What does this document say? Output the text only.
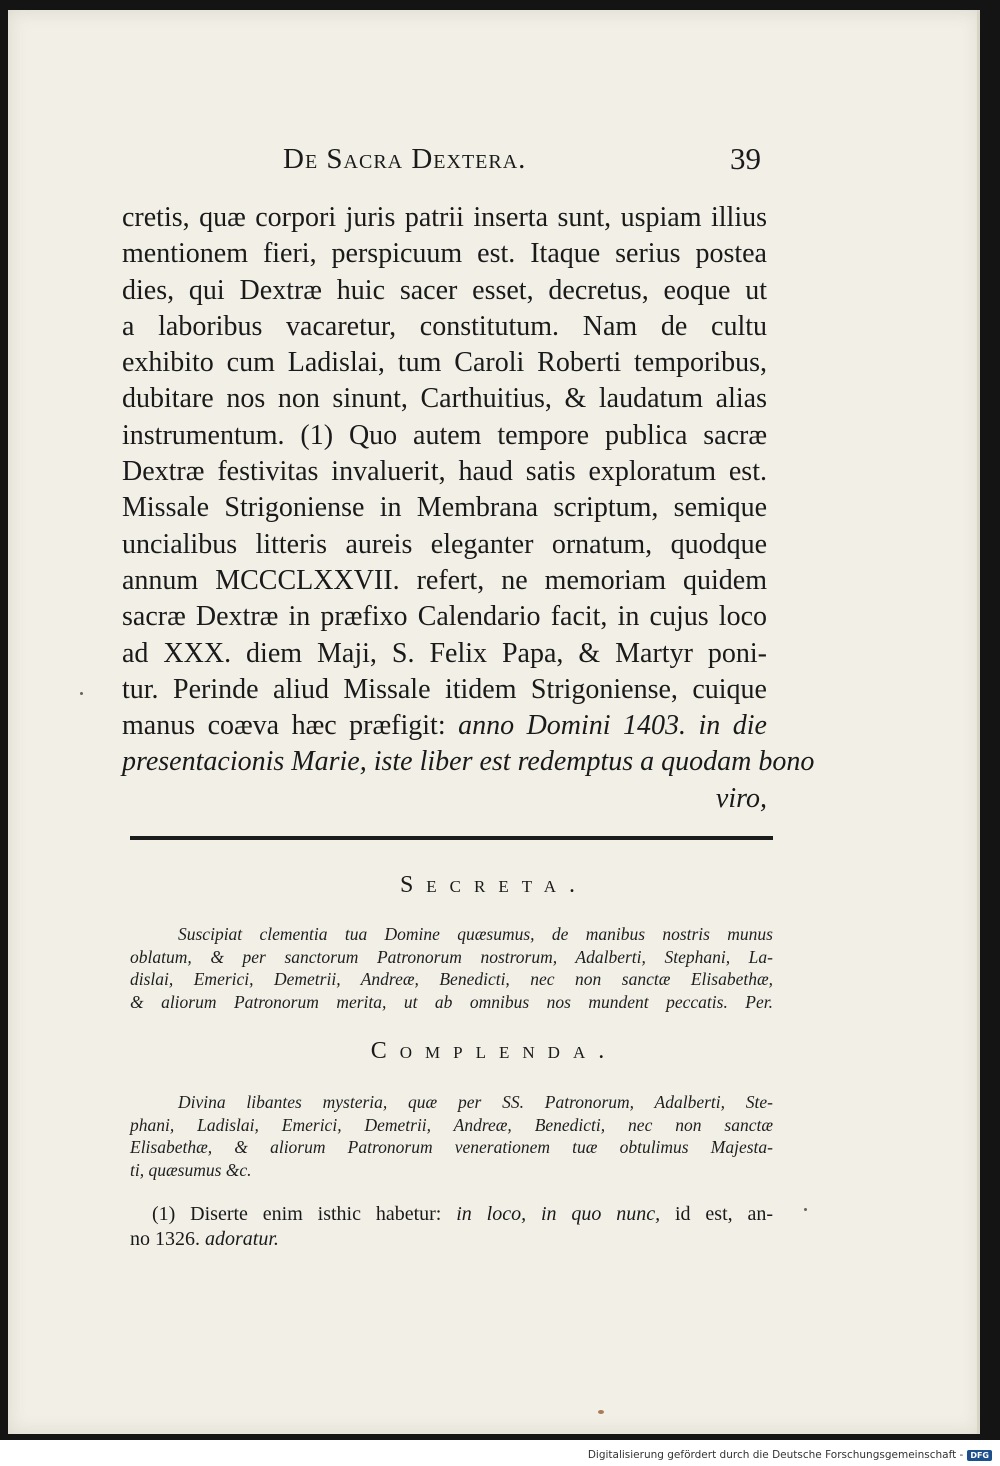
De Sacra Dextera.	39
cretis, quæ corpori juris patrii inserta sunt, uspiam illius
mentionem fieri, perspicuum est. Itaque serius postea
dies, qui Dextræ huic sacer esset, decretus, eoque ut
a laboribus vacaretur, constitutum. Nam de cultu
exhibito cum Ladislai, tum Caroli Roberti temporibus,
dubitare nos non sinunt, Carthuitius, & laudatum alias
instrumentum. (1) Quo autem tempore publica sacræ
Dextræ festivitas invaluerit, haud satis exploratum est.
Missale Strigoniense in Membrana scriptum, semique
uncialibus litteris aureis eleganter ornatum, quodque
annum MCCCLXXVII. refert, ne memoriam quidem
sacræ Dextræ in præfixo Calendario facit, in cujus loco
ad XXX. diem Maji, S. Felix Papa, & Martyr poni-
tur. Perinde aliud Missale itidem Strigoniense, cuique
manus coæva hæc præfigit: anno Domini 1403. in die
presentacionis Marie, iste liber est redemptus a quodam bono
viro,
Secreta.
Suscipiat clementia tua Domine quæsumus, de manibus nostris munus
oblatum, & per sanctorum Patronorum nostrorum, Adalberti, Stephani, La-
dislai, Emerici, Demetrii, Andreæ, Benedicti, nec non sanctæ Elisabethæ,
& aliorum Patronorum merita, ut ab omnibus nos mundent peccatis. Per.
Complenda.
Divina libantes mysteria, quæ per SS. Patronorum, Adalberti, Ste-
phani, Ladislai, Emerici, Demetrii, Andreæ, Benedicti, nec non sanctæ
Elisabethæ, & aliorum Patronorum venerationem tuæ obtulimus Majesta-
ti, quæsumus &c.
(1) Diserte enim isthic habetur: in loco, in quo nunc, id est, an-
no 1326. adoratur.
Digitalisierung gefördert durch die Deutsche Forschungsgemeinschaft - DFG
